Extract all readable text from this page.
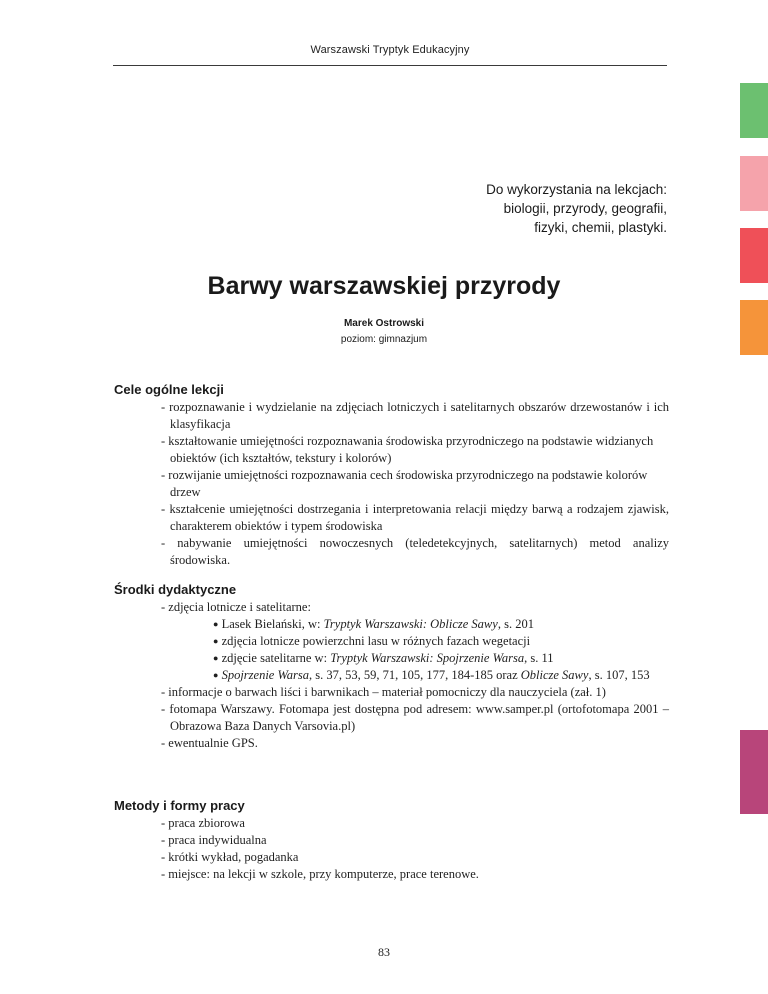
Warszawski Tryptyk Edukacyjny
Do wykorzystania na lekcjach:
biologii, przyrody, geografii,
fizyki, chemii, plastyki.
Barwy warszawskiej przyrody
Marek Ostrowski
poziom: gimnazjum
Cele ogólne lekcji

- rozpoznawanie i wydzielanie na zdjęciach lotniczych i satelitarnych obszarów drzewostanów i ich klasyfikacja

- kształtowanie umiejętności rozpoznawania środowiska przyrodniczego na podstawie widzianych obiektów (ich kształtów, tekstury i kolorów)

- rozwijanie umiejętności rozpoznawania cech środowiska przyrodniczego na podstawie kolorów drzew

- kształcenie umiejętności dostrzegania i interpretowania relacji między barwą a rodzajem zjawisk, charakterem obiektów i typem środowiska

- nabywanie umiejętności nowoczesnych (teledetekcyjnych, satelitarnych) metod analizy środowiska.

Środki dydaktyczne

- zdjęcia lotnicze i satelitarne:

● Lasek Bielański, w: Tryptyk Warszawski: Oblicze Sawy, s. 201
● zdjęcia lotnicze powierzchni lasu w różnych fazach wegetacji
● zdjęcie satelitarne w: Tryptyk Warszawski: Spojrzenie Warsa, s. 11
● Spojrzenie Warsa, s. 37, 53, 59, 71, 105, 177, 184-185 oraz Oblicze Sawy, s. 107, 153

- informacje o barwach liści i barwnikach – materiał pomocniczy dla nauczyciela (zał. 1)

- fotomapa Warszawy. Fotomapa jest dostępna pod adresem: www.samper.pl (ortofotomapa 2001 – Obrazowa Baza Danych Varsovia.pl)

- ewentualnie GPS.

Metody i formy pracy

- praca zbiorowa

- praca indywidualna

- krótki wykład, pogadanka

- miejsce: na lekcji w szkole, przy komputerze, prace terenowe.

83
